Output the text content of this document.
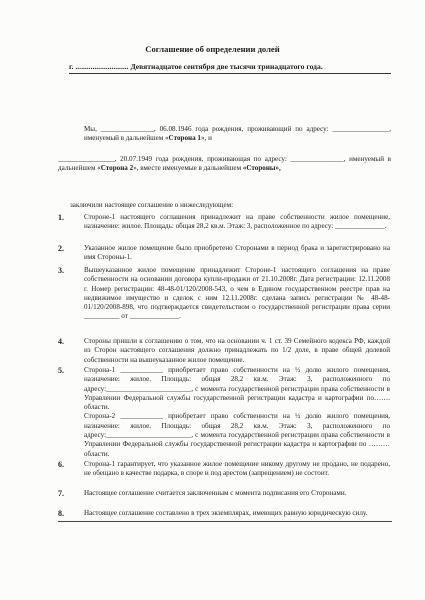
Соглашение об определении долей
г. ............................ Девятнадцатое сентября две тысячи тринадцатого года.
Мы, _______________, 06.08.1946 года рождения, проживающий по адресу: ________________, именуемый в дальнейшем «Сторона 1», и
________________, 20.07.1949 года рождения, проживающая по адресу: _______________, именуемый в дальнейшем «Сторона 2», вместе именуемые в дальнейшем «Стороны»,
заключили настоящее соглашение о нижеследующем:
1.	Стороне-1 настоящего соглашения принадлежит на праве собственности жилое помещение, назначение: жилое. Площадь: общая 28,2 кв.м. Этаж: 3, расположенное по адресу: ______________.
2.	Указанное жилое помещение было приобретено Сторонами в период брака и зарегистрировано на имя Стороны-1.
3.	Вышеуказанное жилое помещение принадлежит Стороне-1 настоящего соглашения на праве собственности на основании договора купли-продажи от 21.10.2008г. Дата регистрации: 12.11.2008 г. Номер регистрации: 48-48-01/120/2008-543, о чем в Едином государственном реестре прав на недвижимое имущество и сделок с ним 12.11.2008г. сделана запись регистрации № 48-48-01/120/2008-898, что подтверждается свидетельством о государственной регистрации права серии __________ от ______________.
4.	Стороны пришли к соглашению о том, что на основании ч. 1 ст. 39 Семейного кодекса РФ, каждой из Сторон настоящего соглашения должно принадлежать по 1/2 доле, в праве общей долевой собственности на вышеуказанное жилое помещение.
5.	Сторона-1 ____________ приобретает право собственности на ½ долю жилого помещения, назначение: жилое. Площадь: общая 28,2 кв.м. Этаж: 3, расположенного по адресу:________________________, с момента государственной регистрации права собственности в Управлении Федеральной службы государственной регистрации кадастра и картографии по……. области.
Сторона-2 ____________ приобретает право собственности на ½ долю жилого помещения, назначение: жилое. Площадь: общая 28,2 кв.м. Этаж: 3, расположенного по адресу:________________________, с момента государственной регистрации права собственности в Управлении Федеральной службы государственной регистрации кадастра и картографии по ……… области.
6.	Сторона-1 гарантирует, что указанное жилое помещение никому другому не продано, не подарено, не обещано в качестве подарка, в споре и под арестом (запрещением) не состоит.
7.	Настоящее соглашение считается заключенным с момента подписания его Сторонами.
8.	Настоящее соглашение составлено в трех экземплярах, имеющих равную юридическую силу.
